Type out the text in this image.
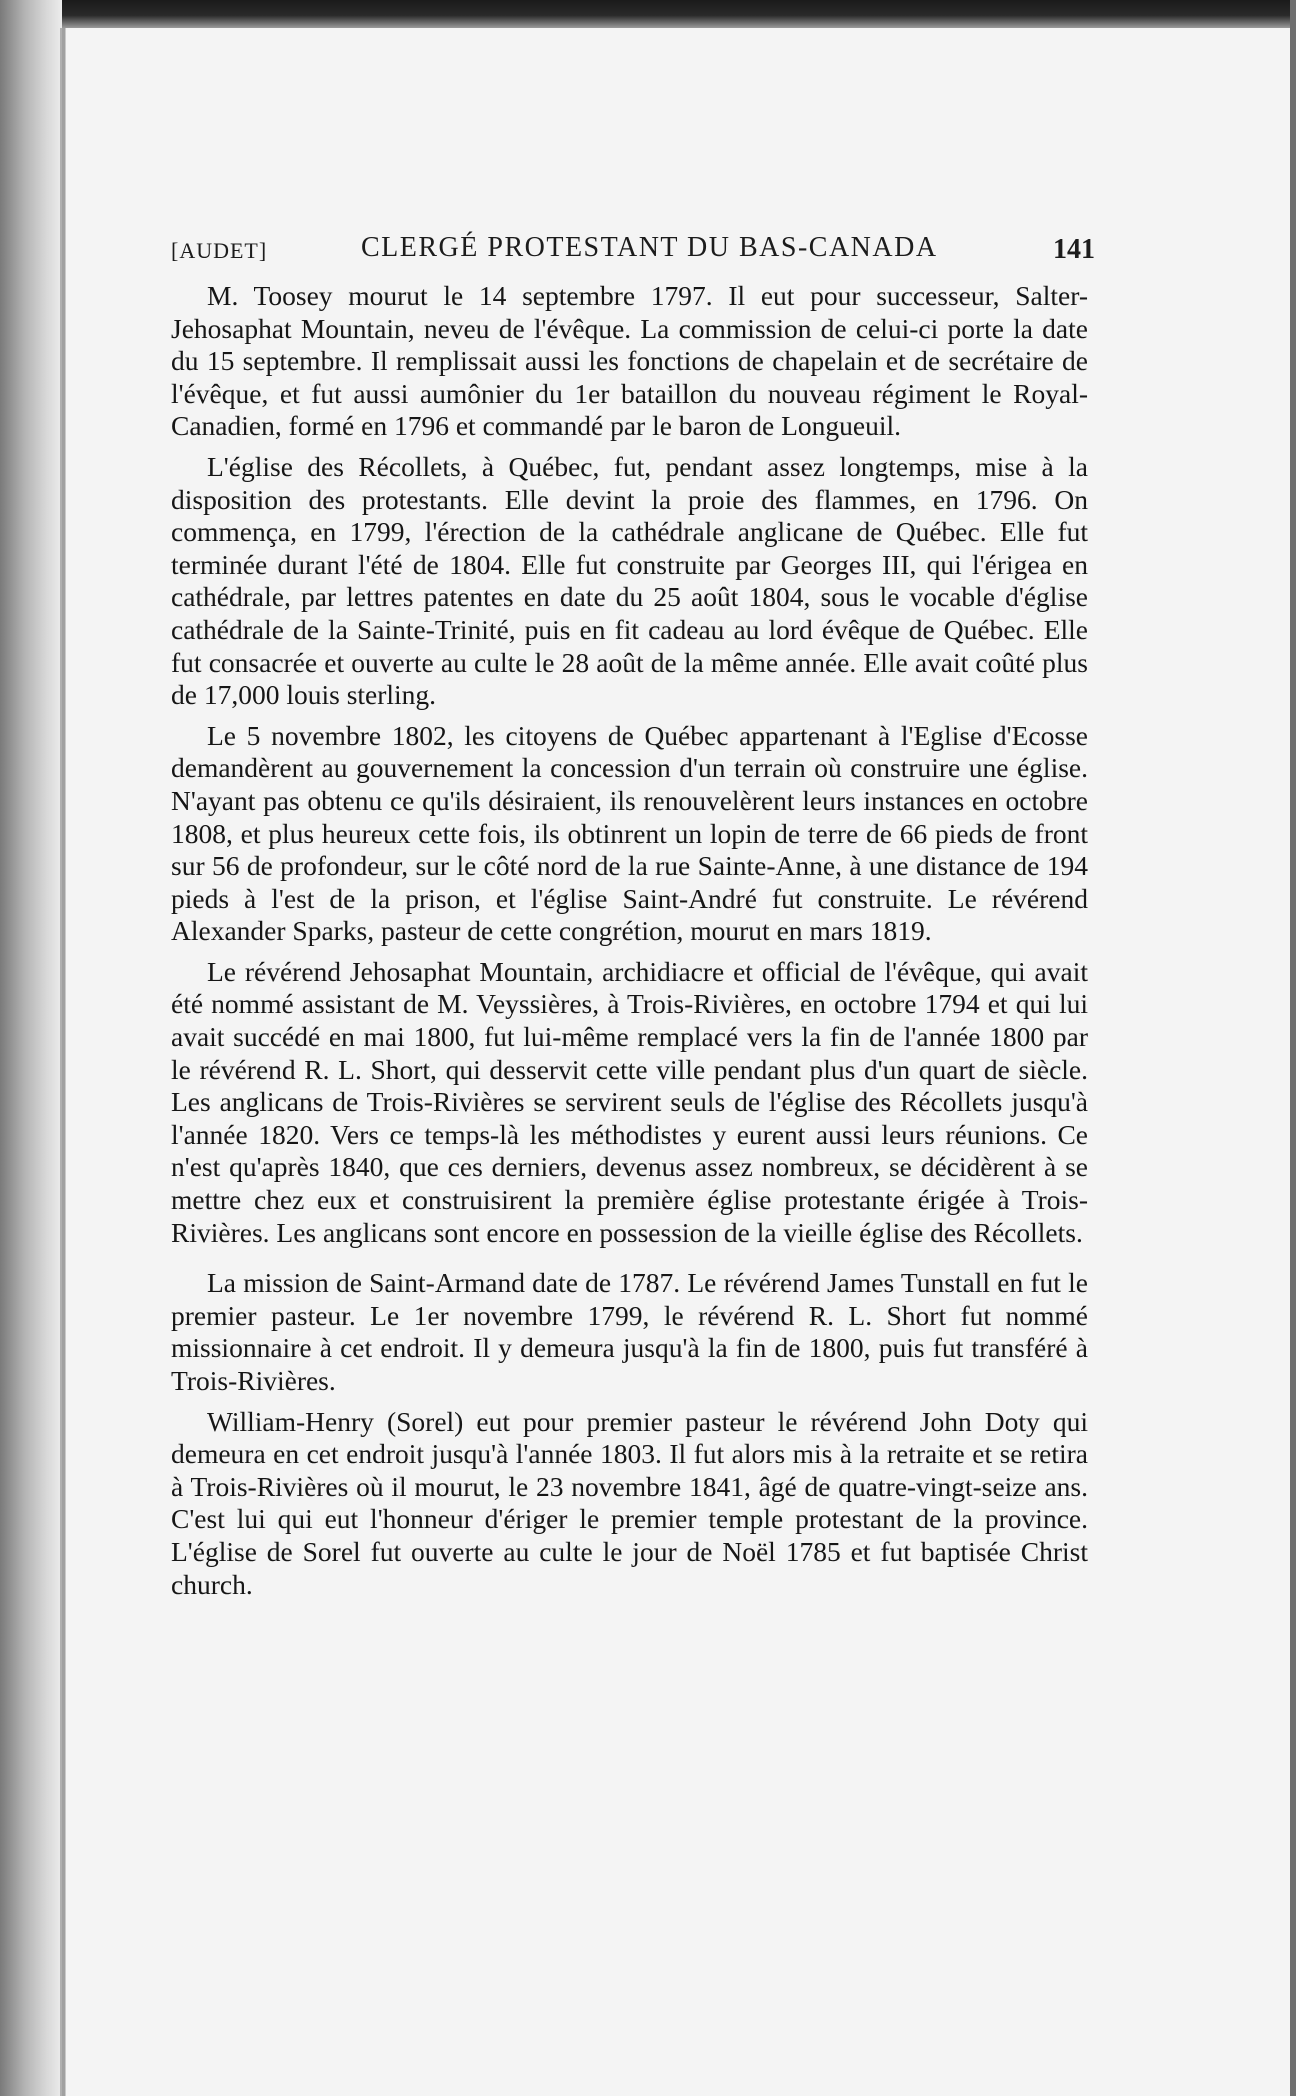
[AUDET]	CLERGÉ PROTESTANT DU BAS-CANADA	141

M. Toosey mourut le 14 septembre 1797. Il eut pour successeur, Salter-Jehosaphat Mountain, neveu de l'évêque. La commission de celui-ci porte la date du 15 septembre. Il remplissait aussi les fonctions de chapelain et de secrétaire de l'évêque, et fut aussi aumônier du 1er bataillon du nouveau régiment le Royal-Canadien, formé en 1796 et commandé par le baron de Longueuil.

L'église des Récollets, à Québec, fut, pendant assez longtemps, mise à la disposition des protestants. Elle devint la proie des flammes, en 1796. On commença, en 1799, l'érection de la cathédrale anglicane de Québec. Elle fut terminée durant l'été de 1804. Elle fut construite par Georges III, qui l'érigea en cathédrale, par lettres patentes en date du 25 août 1804, sous le vocable d'église cathédrale de la Sainte-Trinité, puis en fit cadeau au lord évêque de Québec. Elle fut consacrée et ouverte au culte le 28 août de la même année. Elle avait coûté plus de 17,000 louis sterling.

Le 5 novembre 1802, les citoyens de Québec appartenant à l'Eglise d'Ecosse demandèrent au gouvernement la concession d'un terrain où construire une église. N'ayant pas obtenu ce qu'ils désiraient, ils renouvelèrent leurs instances en octobre 1808, et plus heureux cette fois, ils obtinrent un lopin de terre de 66 pieds de front sur 56 de profondeur, sur le côté nord de la rue Sainte-Anne, à une distance de 194 pieds à l'est de la prison, et l'église Saint-André fut construite. Le révérend Alexander Sparks, pasteur de cette congrétion, mourut en mars 1819.

Le révérend Jehosaphat Mountain, archidiacre et official de l'évêque, qui avait été nommé assistant de M. Veyssières, à Trois-Rivières, en octobre 1794 et qui lui avait succédé en mai 1800, fut lui-même remplacé vers la fin de l'année 1800 par le révérend R. L. Short, qui desservit cette ville pendant plus d'un quart de siècle. Les anglicans de Trois-Rivières se servirent seuls de l'église des Récollets jusqu'à l'année 1820. Vers ce temps-là les méthodistes y eurent aussi leurs réunions. Ce n'est qu'après 1840, que ces derniers, devenus assez nombreux, se décidèrent à se mettre chez eux et construisirent la première église protestante érigée à Trois-Rivières. Les anglicans sont encore en possession de la vieille église des Récollets.

La mission de Saint-Armand date de 1787. Le révérend James Tunstall en fut le premier pasteur. Le 1er novembre 1799, le révérend R. L. Short fut nommé missionnaire à cet endroit. Il y demeura jusqu'à la fin de 1800, puis fut transféré à Trois-Rivières.

William-Henry (Sorel) eut pour premier pasteur le révérend John Doty qui demeura en cet endroit jusqu'à l'année 1803. Il fut alors mis à la retraite et se retira à Trois-Rivières où il mourut, le 23 novembre 1841, âgé de quatre-vingt-seize ans. C'est lui qui eut l'honneur d'ériger le premier temple protestant de la province. L'église de Sorel fut ouverte au culte le jour de Noël 1785 et fut baptisée Christ church.
